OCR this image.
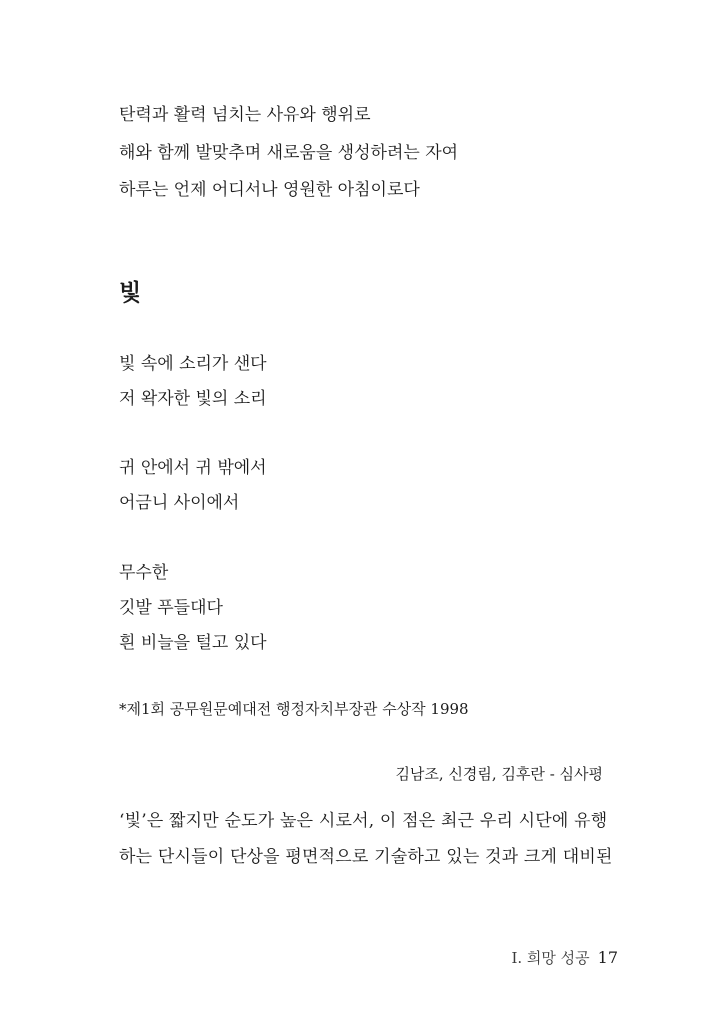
탄력과 활력 넘치는 사유와 행위로
해와 함께 발맞추며 새로움을 생성하려는 자여
하루는 언제 어디서나 영원한 아침이로다
빛
빛 속에 소리가 샌다
저 왁자한 빛의 소리
귀 안에서 귀 밖에서
어금니 사이에서
무수한
깃발 푸들대다
흰 비늘을 털고 있다
*제1회 공무원문예대전 행정자치부장관 수상작 1998
김남조, 신경림, 김후란 - 심사평
‘빛’은 짧지만 순도가 높은 시로서, 이 점은 최근 우리 시단에 유행
하는 단시들이 단상을 평면적으로 기술하고 있는 것과 크게 대비된
Ⅰ. 희망 성공 17
